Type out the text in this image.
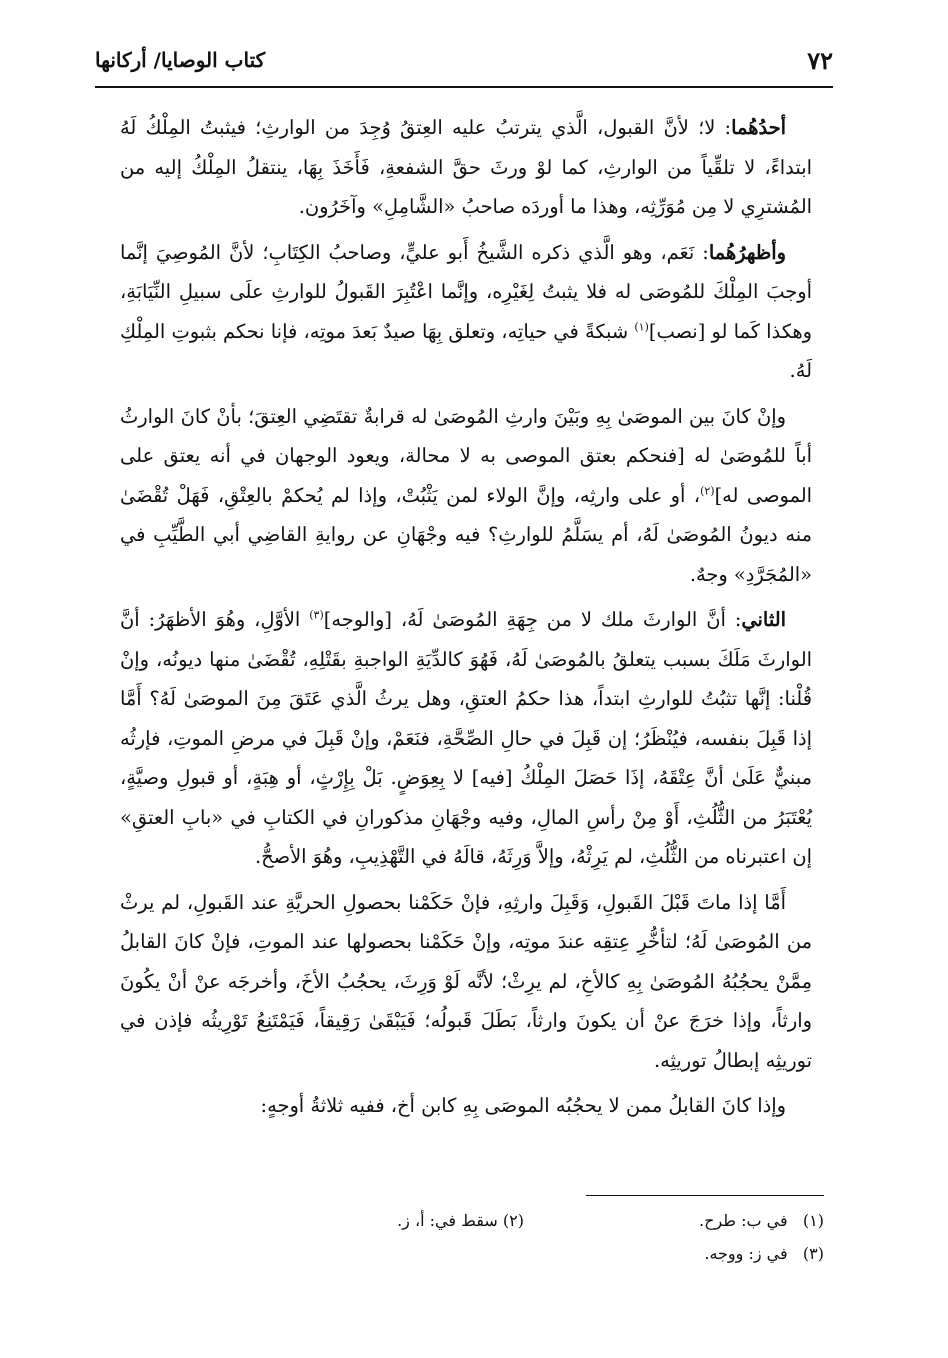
٧٢
كتاب الوصايا/ أركانها

أحدُهُما: لا؛ لأنَّ القبول، الَّذي يترتبُ عليه العِتقُ وُجِدَ من الوارثِ؛ فيثبتُ المِلْكُ لَهُ ابتداءً، لا تلقِّياً من الوارثِ، كما لوْ ورثَ حقَّ الشفعةِ، فَأَخَذَ بِهَا، ينتقلُ المِلْكُ إليه من المُشترِي لا مِن مُوَرِّثِه، وهذا ما أوردَه صاحبُ «الشَّامِلِ» وآخَرُون.

وأظهرُهُما: نَعَم، وهو الَّذي ذكره الشَّيخُ أَبو عليٍّ، وصاحبُ الكِتَابِ؛ لأنَّ المُوصِيَ إنَّما أوجبَ المِلْكَ للمُوصَى له فلا يثبتُ لِغَيْرِه، وإنَّما اعْتُبِرَ القَبولُ للوارثِ علَى سبيلِ النِّيَابَةِ، وهكذا كَما لو [نصب]$^{(١)}$ شبكةً في حياتِه، وتعلق بِهَا صيدٌ بَعدَ موتِه، فإنا نحكم بثبوتِ المِلْكِ لَهُ.

وإنْ كانَ بين الموصَىٰ بِهِ وبَيْنَ وارثِ المُوصَىٰ له قرابةٌ تقتَضِي العِتقَ؛ بأنْ كانَ الوارثُ أباً للمُوصَىٰ له [فنحكم بعتق الموصى به لا محالة، ويعود الوجهان في أنه يعتق على الموصى له]$^{(٢)}$، أو على وارثِه، وإنَّ الولاء لمن يَثْبُتْ، وإذا لم يُحكمْ بالعِتْقِ، فَهَلْ تُقْضَىٰ منه ديونُ المُوصَىٰ لَهُ، أم يسَلَّمُ للوارثِ؟ فيه وجْهَانِ عن روايةِ القاضِي أبي الطَّيِّبِ في «المُجَرَّدِ» وجهٌ.

الثاني: أنَّ الوارثَ ملك لا من جِهَةِ المُوصَىٰ لَهُ، [والوجه]$^{(٣)}$ الأوَّلِ، وهُوَ الأظهَرُ: أنَّ الوارثَ مَلَكَ بسبب يتعلقُ بالمُوصَىٰ لَهُ، فَهُوَ كالدِّيَةِ الواجبةِ بقَتْلِهِ، تُقْضَىٰ منها ديونُه، وإنْ قُلْنا: إنَّها تثبُتُ للوارثِ ابتداً، هذا حكمُ العتقِ، وهل يرثُ الَّذي عَتَقَ مِنَ الموصَىٰ لَهُ؟ أَمَّا إذا قَبِلَ بنفسه، فيُنْظَرُ؛ إن قَبِلَ في حالِ الصِّحَّةِ، فنَعَمْ، وإنْ قَبِلَ في مرضِ الموتِ، فإرثُه مبنيٌّ عَلَىٰ أنَّ عِتْقَهُ، إذَا حَصَلَ المِلْكُ [فيه] لا بِعِوَضٍ. بَلْ بِإِرْثٍ، أو هِبَةٍ، أو قبولِ وصيَّةٍ، يُعْتَبَرُ من الثُّلُثِ، أَوْ مِنْ رأسِ المالِ، وفيه وجْهَانِ مذكورانِ في الكتابِ في «بابِ العتقِ» إن اعتبرناه من الثُّلُثِ، لم يَرِثْهُ، وإلاَّ وَرِثَهُ، قالَهُ في التَّهْذِيبِ، وهُوَ الأصحُّ.

أَمَّا إذا ماتَ قَبْلَ القَبولِ، وَقَبِلَ وارثِهِ، فإنْ حَكَمْنا بحصولِ الحريَّةِ عند القَبولِ، لم يرثْ من المُوصَىٰ لَهُ؛ لتأخُّرِ عِتقِه عندَ موتِه، وإنْ حَكَمْنا بحصولها عند الموتِ، فإنْ كانَ القابلُ مِمَّنْ يحجُبُهُ المُوصَىٰ بِهِ كالأخِ، لم يرِثْ؛ لأنَّه لَوْ وَرِثَ، يحجُبُ الأخَ، وأخرجَه عنْ أنْ يكُونَ وارثاً، وإذا خرَجَ عنْ أن يكونَ وارثاً، بَطَلَ قَبولُه؛ فَيَبْقَىٰ رَقِيقاً، فَيَمْتَنِعُ تَوْرِيثُه فإذن في توريثِه إبطالُ توريثِه.

وإذا كانَ القابلُ ممن لا يحجُبُه الموصَى بِهِ كابن أخ، ففيه ثلاثةُ أوجهٍ:

(١)   في ب: طرح.
(٢) سقط في: أ، ز.
(٣)   في ز: ووجه.
